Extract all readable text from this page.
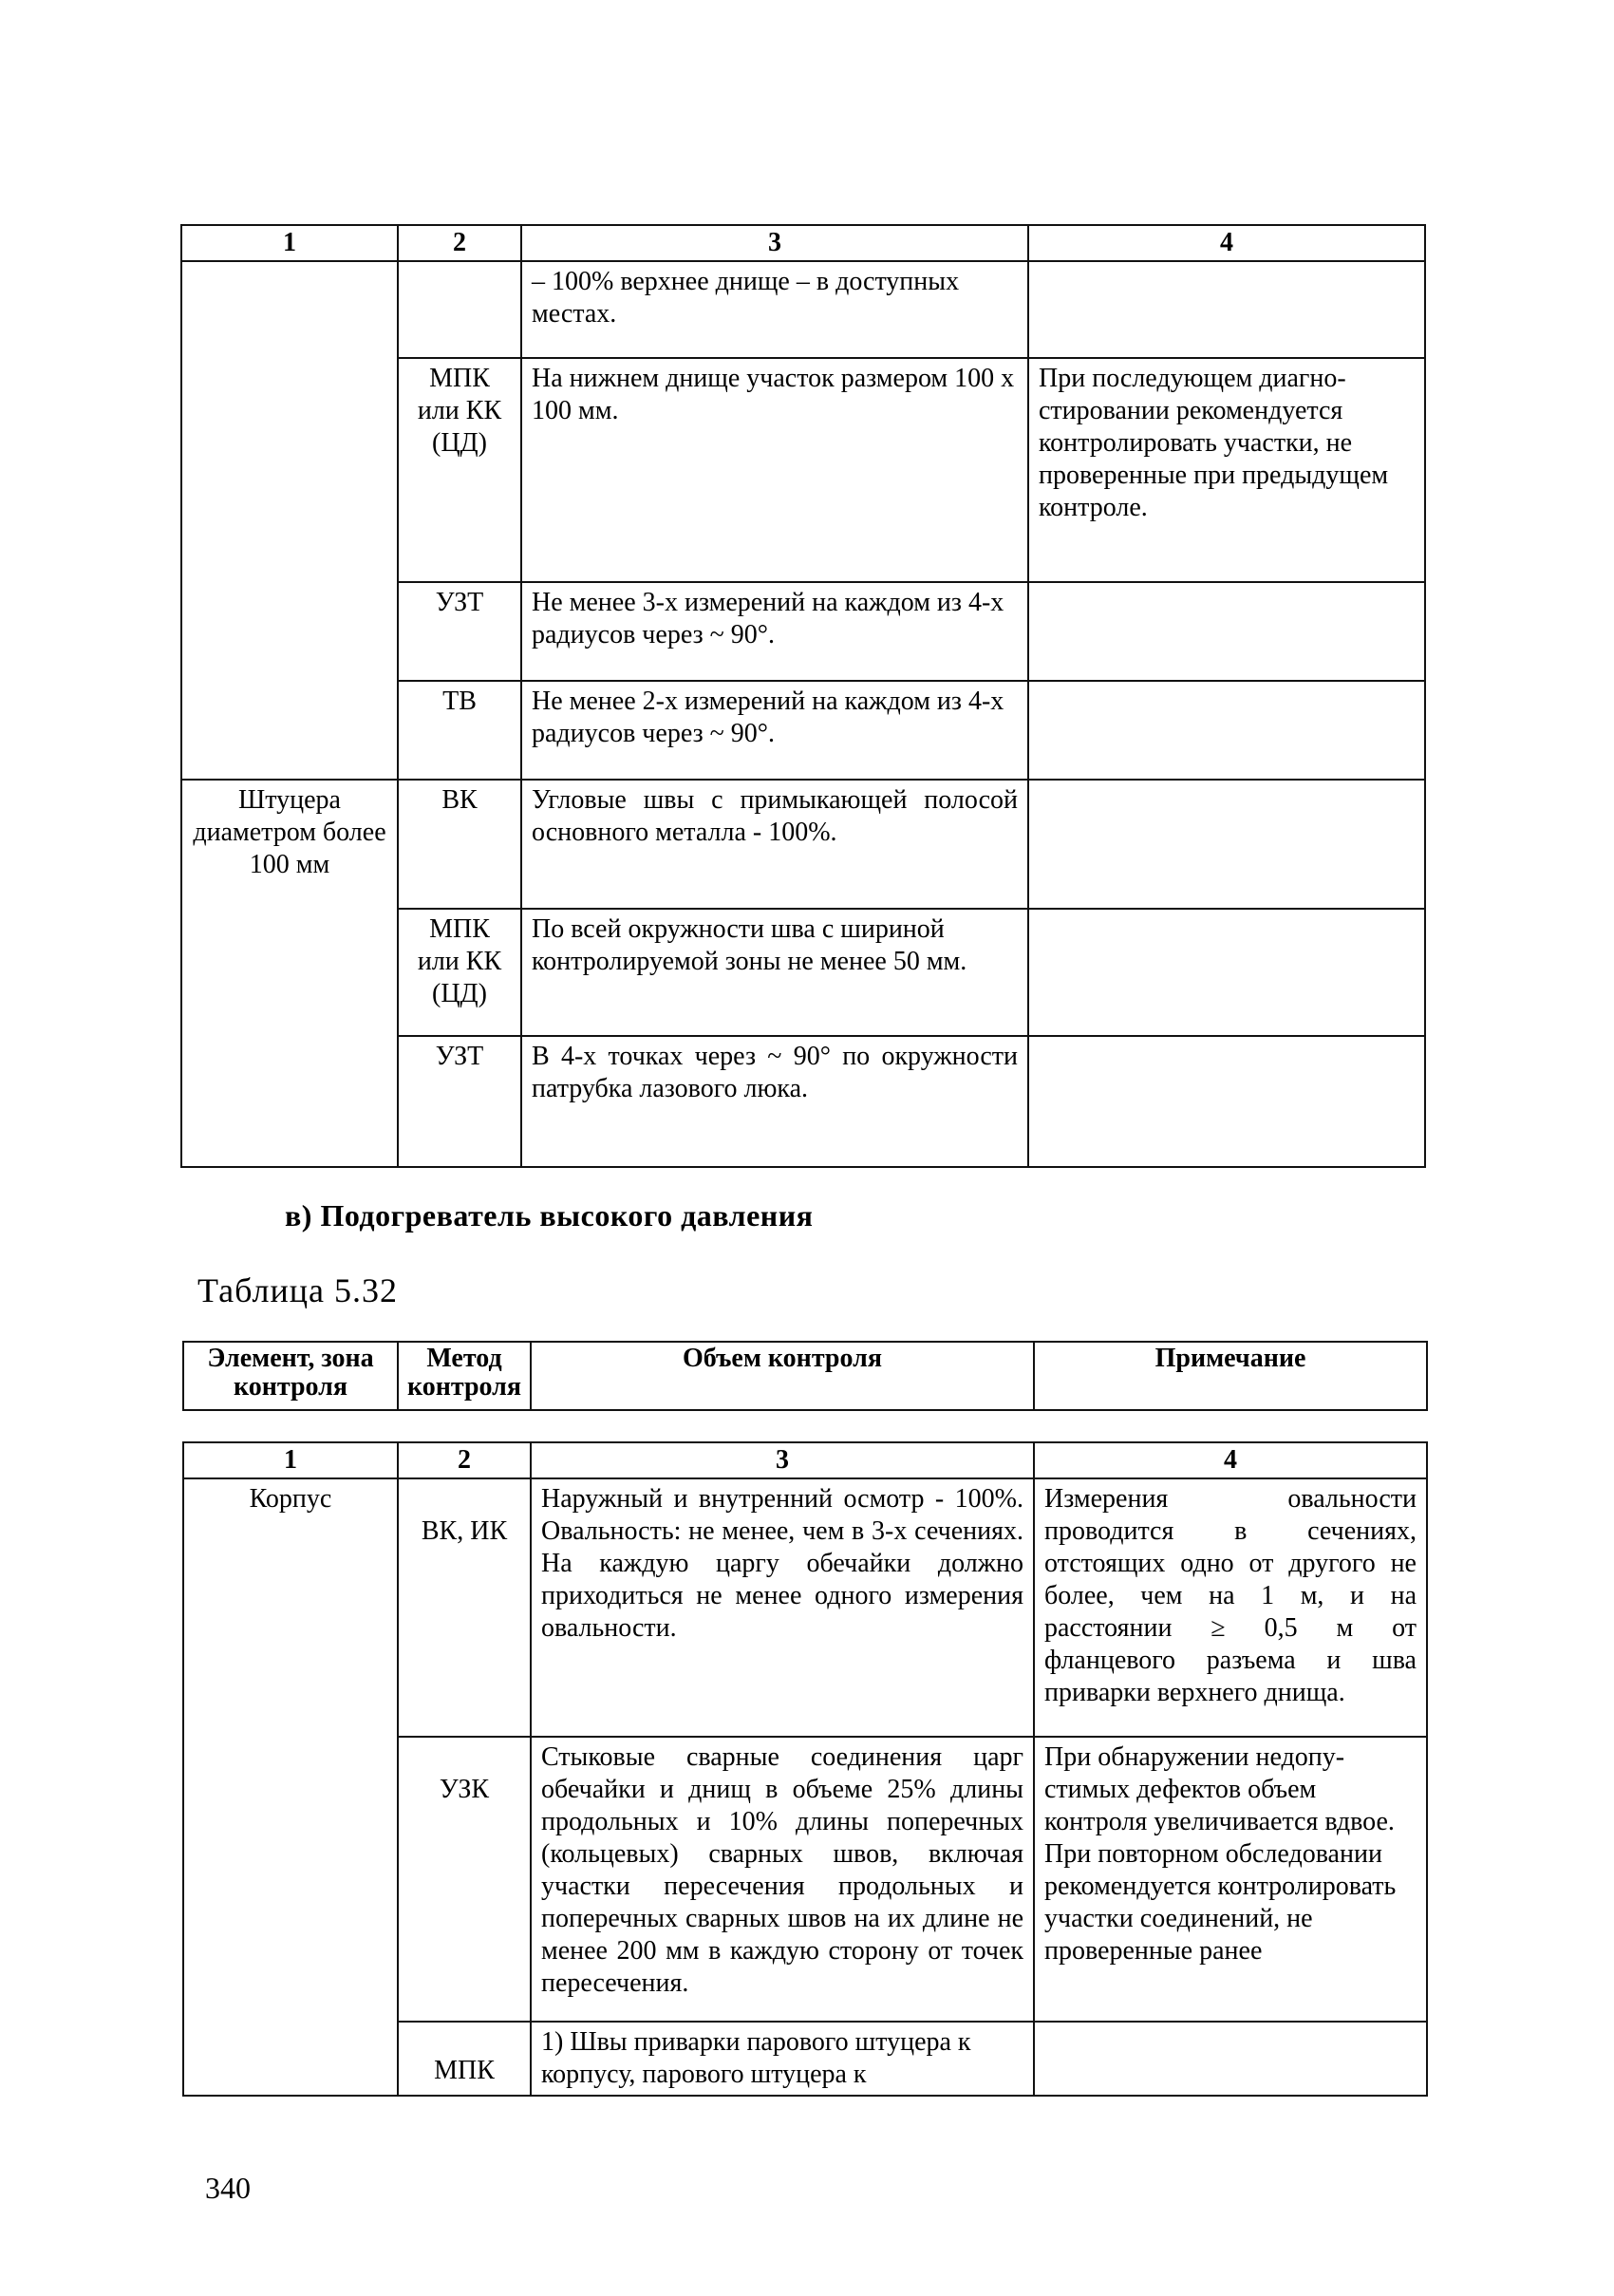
1	2	3	4
		– 100% верхнее днище – в доступных местах.	
	МПК или КК (ЦД)	На нижнем днище участок размером 100 х 100 мм.	При последующем диагно-стировании рекомендуется контролировать участки, не проверенные при предыдущем контроле.
	УЗТ	Не менее 3-х измерений на каждом из 4-х радиусов через ~ 90°.	
	ТВ	Не менее 2-х измерений на каждом из 4-х радиусов через ~ 90°.	
Штуцера диаметром более 100 мм	ВК	Угловые швы с примыкающей полосой основного металла - 100%.	
	МПК или КК (ЦД)	По всей окружности шва с шириной контролируемой зоны не менее 50 мм.	
	УЗТ	В 4-х точках через ~ 90° по окружности патрубка лазового люка.	
в) Подогреватель высокого давления
Таблица 5.32
Элемент, зона контроля	Метод контроля	Объем контроля	Примечание
1	2	3	4
Корпус	ВК, ИК	Наружный и внутренний осмотр - 100%. Овальность: не менее, чем в 3-х сечениях. На каждую царгу обечайки должно приходиться не менее одного измерения овальности.	Измерения овальности проводится в сечениях, отстоящих одно от другого не более, чем на 1 м, и на расстоянии ≥ 0,5 м от фланцевого разъема и шва приварки верхнего днища.
	УЗК	Стыковые сварные соединения царг обечайки и днищ в объеме 25% длины продольных и 10% длины поперечных (кольцевых) сварных швов, включая участки пересечения продольных и поперечных сварных швов на их длине не менее 200 мм в каждую сторону от точек пересечения.	При обнаружении недопу-стимых дефектов объем контроля увеличивается вдвое. При повторном обследовании рекомендуется контролировать участки соединений, не проверенные ранее
	МПК	1) Швы приварки парового штуцера к корпусу, парового штуцера к	
340
